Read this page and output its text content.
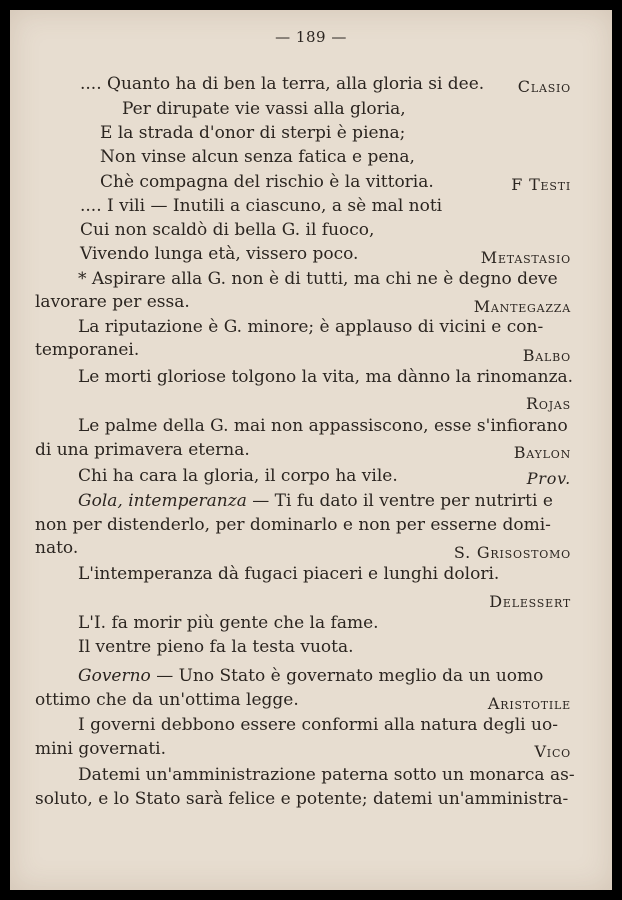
— 189 —
.... Quanto ha di ben la terra, alla gloria si dee. Clasio
Per dirupate vie vassi alla gloria,
E la strada d'onor di sterpi è piena;
Non vinse alcun senza fatica e pena,
Chè compagna del rischio è la vittoria.	F Testi
.... I vili — Inutili a ciascuno, a sè mal noti
Cui non scaldò di bella G. il fuoco,
Vivendo lunga età, vissero poco.	Metastasio
* Aspirare alla G. non è di tutti, ma chi ne è degno deve
lavorare per essa.	Mantegazza
La riputazione è G. minore; è applauso di vicini e con-
temporanei.	Balbo
Le morti gloriose tolgono la vita, ma dànno la rinomanza.
Rojas
Le palme della G. mai non appassiscono, esse s'infiorano
di una primavera eterna.	Baylon
Chi ha cara la gloria, il corpo ha vile.	Prov.
Gola, intemperanza — Ti fu dato il ventre per nutrirti e
non per distenderlo, per dominarlo e non per esserne domi-
nato.	S. Grisostomo
L'intemperanza dà fugaci piaceri e lunghi dolori.
Delessert
L'I. fa morir più gente che la fame.
Il ventre pieno fa la testa vuota.
Governo — Uno Stato è governato meglio da un uomo
ottimo che da un'ottima legge.	Aristotile
I governi debbono essere conformi alla natura degli uo-
mini governati.	Vico
Datemi un'amministrazione paterna sotto un monarca as-
soluto, e lo Stato sarà felice e potente; datemi un'amministra-
